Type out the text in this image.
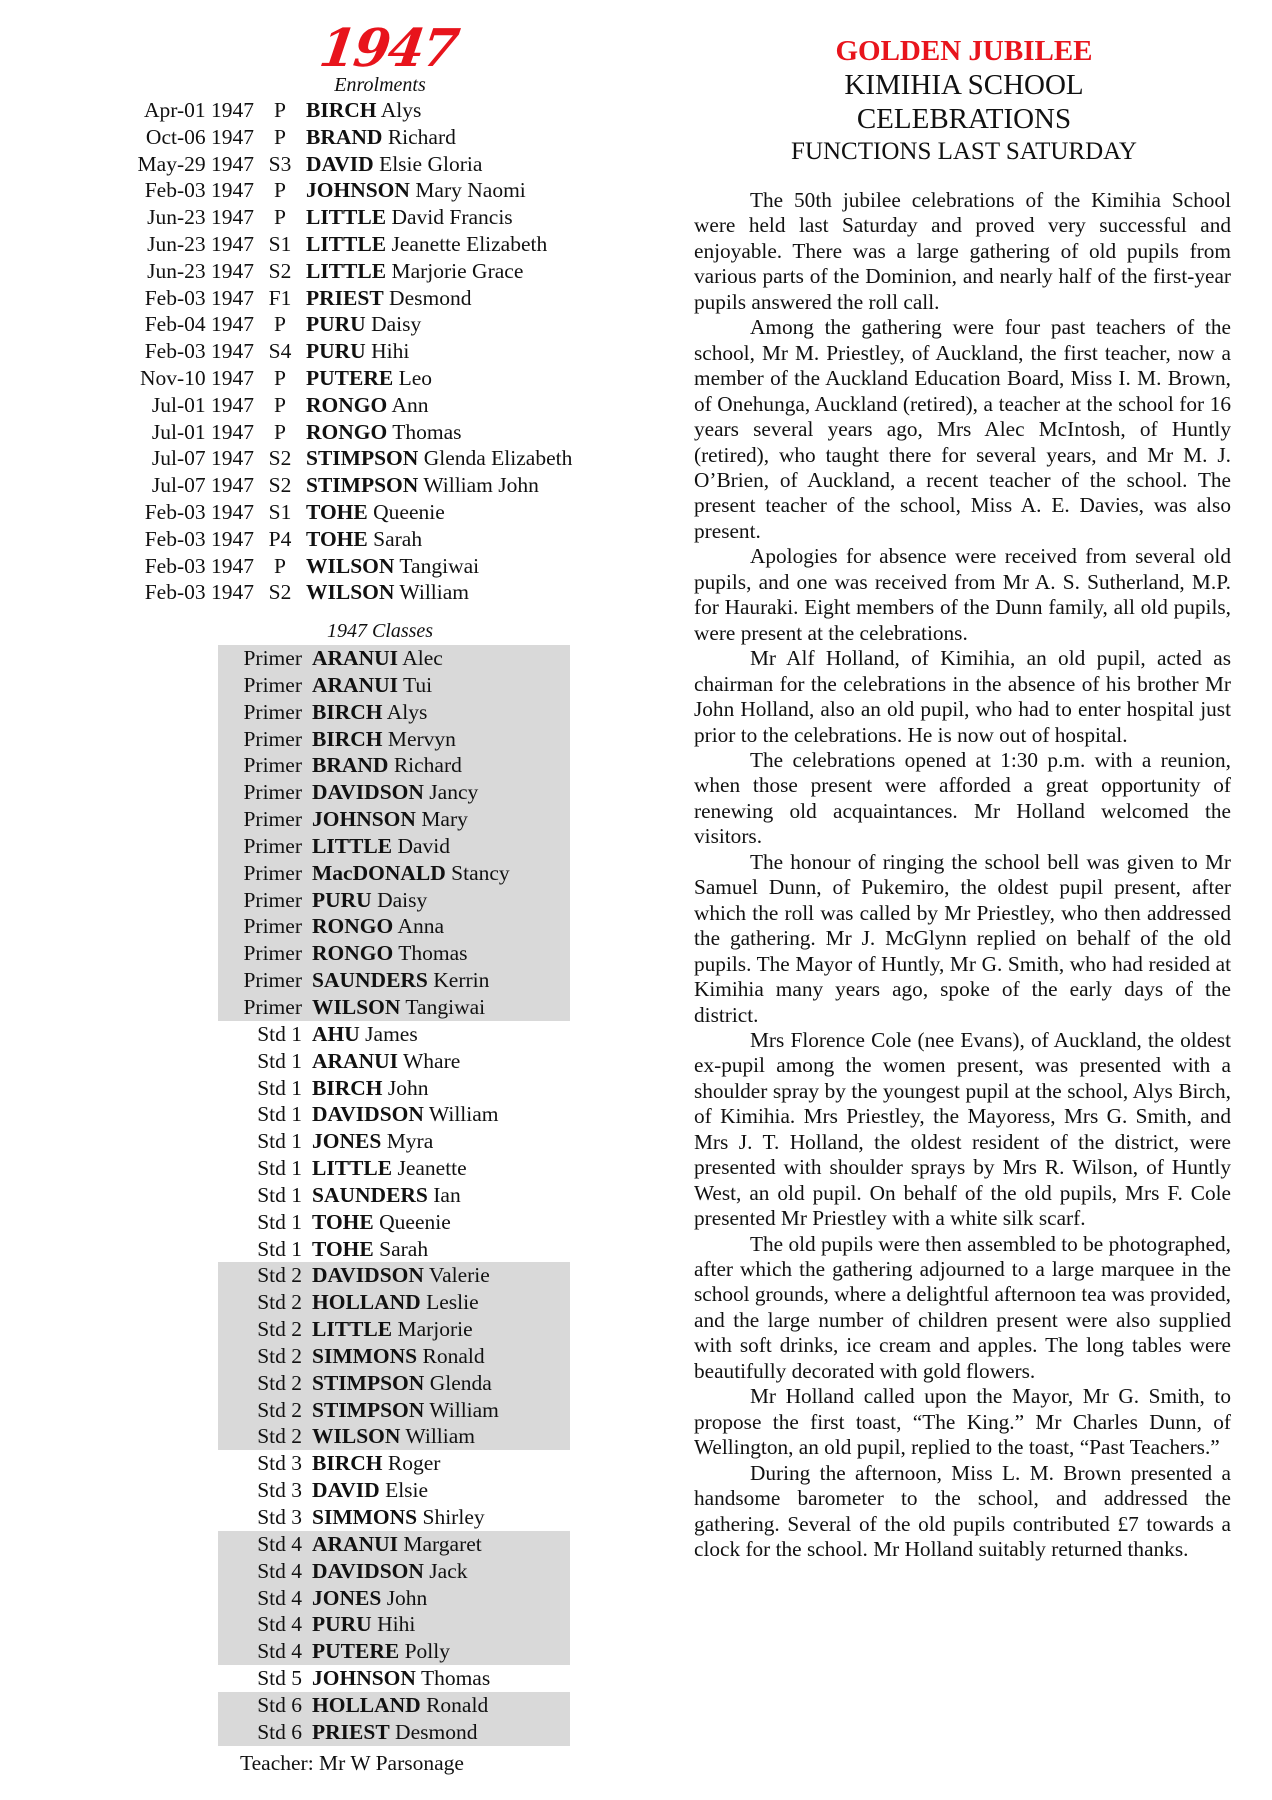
1947
Enrolments
Apr-01 1947 P BIRCH Alys
Oct-06 1947 P BRAND Richard
May-29 1947 S3 DAVID Elsie Gloria
Feb-03 1947 P JOHNSON Mary Naomi
Jun-23 1947 P LITTLE David Francis
Jun-23 1947 S1 LITTLE Jeanette Elizabeth
Jun-23 1947 S2 LITTLE Marjorie Grace
Feb-03 1947 F1 PRIEST Desmond
Feb-04 1947 P PURU Daisy
Feb-03 1947 S4 PURU Hihi
Nov-10 1947 P PUTERE Leo
Jul-01 1947 P RONGO Ann
Jul-01 1947 P RONGO Thomas
Jul-07 1947 S2 STIMPSON Glenda Elizabeth
Jul-07 1947 S2 STIMPSON William John
Feb-03 1947 S1 TOHE Queenie
Feb-03 1947 P4 TOHE Sarah
Feb-03 1947 P WILSON Tangiwai
Feb-03 1947 S2 WILSON William
1947 Classes
Primer ARANUI Alec
Primer ARANUI Tui
Primer BIRCH Alys
Primer BIRCH Mervyn
Primer BRAND Richard
Primer DAVIDSON Jancy
Primer JOHNSON Mary
Primer LITTLE David
Primer MacDONALD Stancy
Primer PURU Daisy
Primer RONGO Anna
Primer RONGO Thomas
Primer SAUNDERS Kerrin
Primer WILSON Tangiwai
Std 1 AHU James
Std 1 ARANUI Whare
Std 1 BIRCH John
Std 1 DAVIDSON William
Std 1 JONES Myra
Std 1 LITTLE Jeanette
Std 1 SAUNDERS Ian
Std 1 TOHE Queenie
Std 1 TOHE Sarah
Std 2 DAVIDSON Valerie
Std 2 HOLLAND Leslie
Std 2 LITTLE Marjorie
Std 2 SIMMONS Ronald
Std 2 STIMPSON Glenda
Std 2 STIMPSON William
Std 2 WILSON William
Std 3 BIRCH Roger
Std 3 DAVID Elsie
Std 3 SIMMONS Shirley
Std 4 ARANUI Margaret
Std 4 DAVIDSON Jack
Std 4 JONES John
Std 4 PURU Hihi
Std 4 PUTERE Polly
Std 5 JOHNSON Thomas
Std 6 HOLLAND Ronald
Std 6 PRIEST Desmond
Teacher: Mr W Parsonage
GOLDEN JUBILEE
KIMIHIA SCHOOL
CELEBRATIONS
FUNCTIONS LAST SATURDAY

The 50th jubilee celebrations of the Kimihia School were held last Saturday and proved very successful and enjoyable. There was a large gathering of old pupils from various parts of the Dominion, and nearly half of the first-year pupils answered the roll call.

Among the gathering were four past teachers of the school, Mr M. Priestley, of Auckland, the first teacher, now a member of the Auckland Education Board, Miss I. M. Brown, of Onehunga, Auckland (retired), a teacher at the school for 16 years several years ago, Mrs Alec McIntosh, of Huntly (retired), who taught there for several years, and Mr M. J. O’Brien, of Auckland, a recent teacher of the school. The present teacher of the school, Miss A. E. Davies, was also present.

Apologies for absence were received from several old pupils, and one was received from Mr A. S. Sutherland, M.P. for Hauraki. Eight members of the Dunn family, all old pupils, were present at the celebrations.

Mr Alf Holland, of Kimihia, an old pupil, acted as chairman for the celebrations in the absence of his brother Mr John Holland, also an old pupil, who had to enter hospital just prior to the celebrations. He is now out of hospital.

The celebrations opened at 1:30 p.m. with a reunion, when those present were afforded a great opportunity of renewing old acquaintances. Mr Holland welcomed the visitors.

The honour of ringing the school bell was given to Mr Samuel Dunn, of Pukemiro, the oldest pupil present, after which the roll was called by Mr Priestley, who then addressed the gathering. Mr J. McGlynn replied on behalf of the old pupils. The Mayor of Huntly, Mr G. Smith, who had resided at Kimihia many years ago, spoke of the early days of the district.

Mrs Florence Cole (nee Evans), of Auckland, the oldest ex-pupil among the women present, was presented with a shoulder spray by the youngest pupil at the school, Alys Birch, of Kimihia. Mrs Priestley, the Mayoress, Mrs G. Smith, and Mrs J. T. Holland, the oldest resident of the district, were presented with shoulder sprays by Mrs R. Wilson, of Huntly West, an old pupil. On behalf of the old pupils, Mrs F. Cole presented Mr Priestley with a white silk scarf.

The old pupils were then assembled to be photographed, after which the gathering adjourned to a large marquee in the school grounds, where a delightful afternoon tea was provided, and the large number of children present were also supplied with soft drinks, ice cream and apples. The long tables were beautifully decorated with gold flowers.

Mr Holland called upon the Mayor, Mr G. Smith, to propose the first toast, “The King.” Mr Charles Dunn, of Wellington, an old pupil, replied to the toast, “Past Teachers.”

During the afternoon, Miss L. M. Brown presented a handsome barometer to the school, and addressed the gathering. Several of the old pupils contributed £7 towards a clock for the school. Mr Holland suitably returned thanks.
